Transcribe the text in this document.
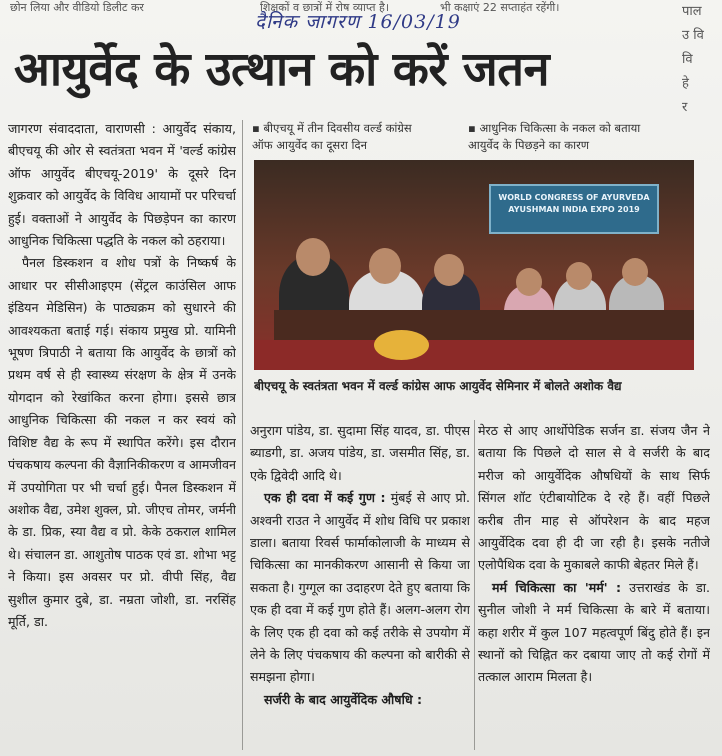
छोन लिया और वीडियो डिलीट कर	शिक्षकों व छात्रों में रोष व्याप्त है।	भी कक्षाएं 22 सप्ताहंत रहेंगी।
दैनिक जागरण 16/03/19
आयुर्वेद के उत्थान को करें जतन
पाल
उ वि
वि
हे
र

जागरण संवाददाता, वाराणसी : आयुर्वेद संकाय, बीएचयू की ओर से स्वतंत्रता भवन में 'वर्ल्ड कांग्रेस ऑफ आयुर्वेद बीएचयू-2019' के दूसरे दिन शुक्रवार को आयुर्वेद के विविध आयामों पर परिचर्चा हुई। वक्ताओं ने आयुर्वेद के पिछड़ेपन का कारण आधुनिक चिकित्सा पद्धति के नकल को ठहराया।

पैनल डिस्कशन व शोध पत्रों के निष्कर्ष के आधार पर सीसीआइएम (सेंट्रल काउंसिल आफ इंडियन मेडिसिन) के पाठ्यक्रम को सुधारने की आवश्यकता बताई गई। संकाय प्रमुख प्रो. यामिनी भूषण त्रिपाठी ने बताया कि आयुर्वेद के छात्रों को प्रथम वर्ष से ही स्वास्थ्य संरक्षण के क्षेत्र में उनके योगदान को रेखांकित करना होगा। इससे छात्र आधुनिक चिकित्सा की नकल न कर स्वयं को विशिष्ट वैद्य के रूप में स्थापित करेंगे। इस दौरान पंचकषाय कल्पना की वैज्ञानिकीकरण व आमजीवन में उपयोगिता पर भी चर्चा हुई। पैनल डिस्कशन में अशोक वैद्य, उमेश शुक्ल, प्रो. जीएच तोमर, जर्मनी के डा. प्रिक, स्या वैद्य व प्रो. केके ठकराल शामिल थे। संचालन डा. आशुतोष पाठक एवं डा. शोभा भट्ट ने किया। इस अवसर पर प्रो. वीपी सिंह, वैद्य सुशील कुमार दुबे, डा. नम्रता जोशी, डा. नरसिंह मूर्ति, डा.

▪ बीएचयू में तीन दिवसीय वर्ल्ड कांग्रेस
ऑफ आयुर्वेद का दूसरा दिन
▪ आधुनिक चिकित्सा के नकल को बताया
आयुर्वेद के पिछड़ने का कारण
WORLD CONGRESS OF AYURVEDA AYUSHMAN INDIA EXPO 2019
बीएचयू के स्वतंत्रता भवन में वर्ल्ड कांग्रेस आफ आयुर्वेद सेमिनार में बोलते अशोक वैद्य

अनुराग पांडेय, डा. सुदामा सिंह यादव, डा. पीएस ब्याडगी, डा. अजय पांडेय, डा. जसमीत सिंह, डा. एके द्विवेदी आदि थे।

एक ही दवा में कई गुण : मुंबई से आए प्रो. अश्वनी राउत ने आयुर्वेद में शोध विधि पर प्रकाश डाला। बताया रिवर्स फार्माकोलाजी के माध्यम से चिकित्सा का मानकीकरण आसानी से किया जा सकता है। गुग्गूल का उदाहरण देते हुए बताया कि एक ही दवा में कई गुण होते हैं। अलग-अलग रोग के लिए एक ही दवा को कई तरीके से उपयोग में लेने के लिए पंचकषाय की कल्पना को बारीकी से समझना होगा।

सर्जरी के बाद आयुर्वेदिक औषधि :

मेरठ से आए आर्थोपेडिक सर्जन डा. संजय जैन ने बताया कि पिछले दो साल से वे सर्जरी के बाद मरीज को आयुर्वेदिक औषधियों के साथ सिर्फ सिंगल शॉट एंटीबायोटिक दे रहे हैं। वहीं पिछले करीब तीन माह से ऑपरेशन के बाद महज आयुर्वेदिक दवा ही दी जा रही है। इसके नतीजे एलोपैथिक दवा के मुकाबले काफी बेहतर मिले हैं।

मर्म चिकित्सा का 'मर्म' : उत्तराखंड के डा. सुनील जोशी ने मर्म चिकित्सा के बारे में बताया। कहा शरीर में कुल 107 महत्वपूर्ण बिंदु होते हैं। इन स्थानों को चिह्नित कर दबाया जाए तो कई रोगों में तत्काल आराम मिलता है।
